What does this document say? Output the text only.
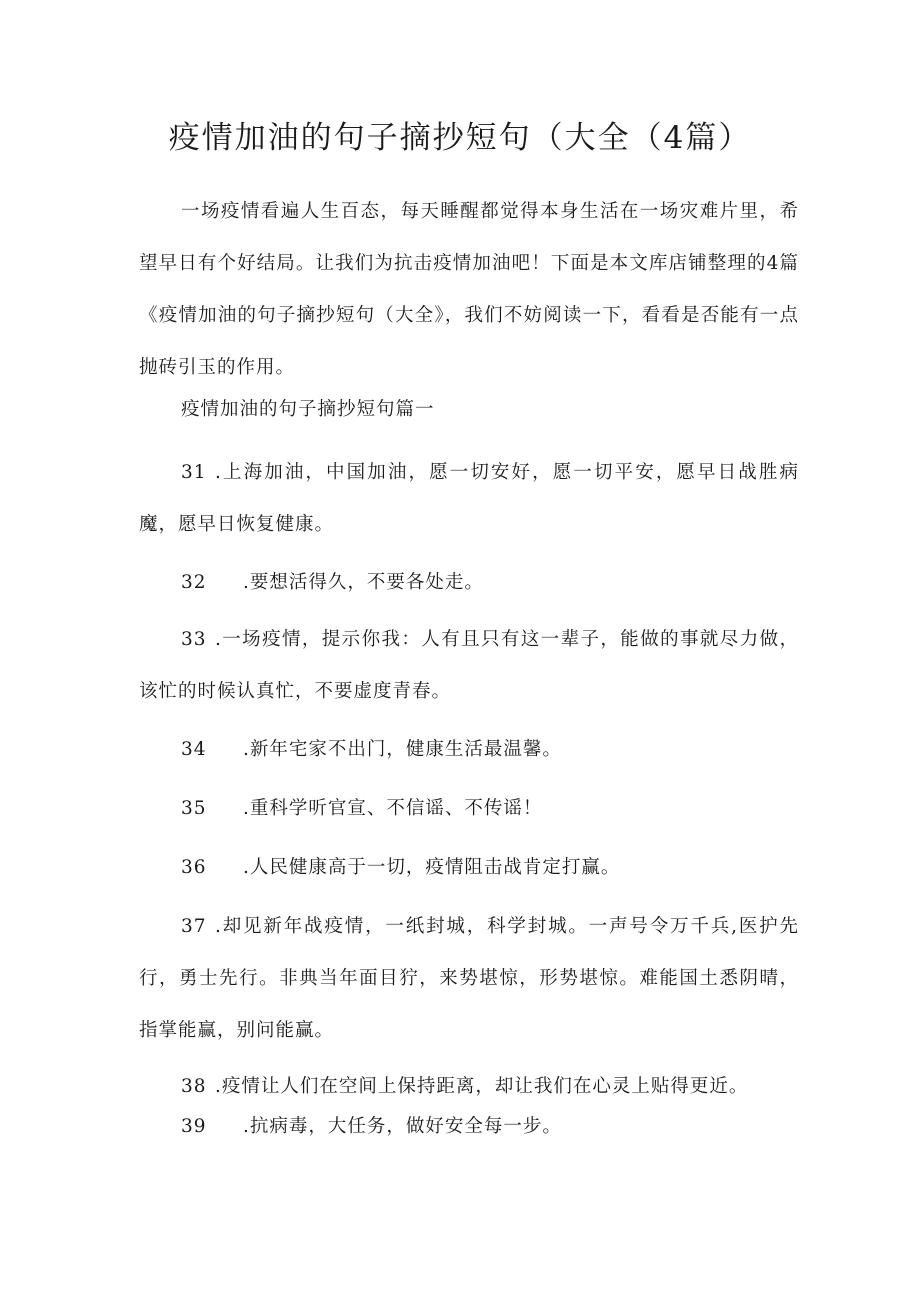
疫情加油的句子摘抄短句（大全（4篇）
一场疫情看遍人生百态，每天睡醒都觉得本身生活在一场灾难片里，希望早日有个好结局。让我们为抗击疫情加油吧！下面是本文库店铺整理的4篇《疫情加油的句子摘抄短句（大全》，我们不妨阅读一下，看看是否能有一点抛砖引玉的作用。
疫情加油的句子摘抄短句篇一
31 .上海加油，中国加油，愿一切安好，愿一切平安，愿早日战胜病魔，愿早日恢复健康。
32 .要想活得久，不要各处走。
33 .一场疫情，提示你我：人有且只有这一辈子，能做的事就尽力做，该忙的时候认真忙，不要虚度青春。
34 .新年宅家不出门，健康生活最温馨。
35 .重科学听官宣、不信谣、不传谣！
36 .人民健康高于一切，疫情阻击战肯定打赢。
37 .却见新年战疫情，一纸封城，科学封城。一声号令万千兵,医护先行，勇士先行。非典当年面目狞，来势堪惊，形势堪惊。难能国土悉阴晴，指掌能赢，别问能赢。
38 .疫情让人们在空间上保持距离，却让我们在心灵上贴得更近。
39 .抗病毒，大任务，做好安全每一步。
